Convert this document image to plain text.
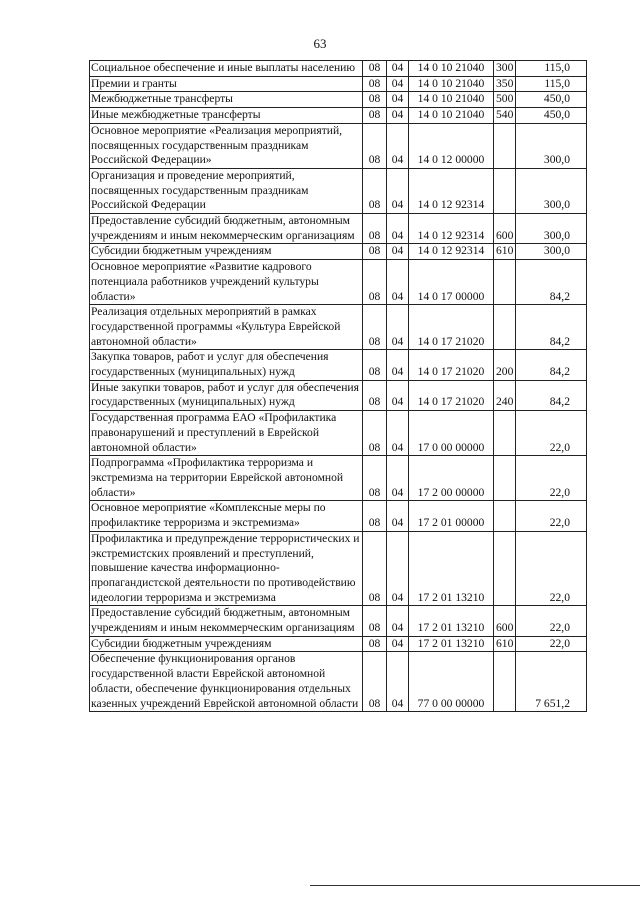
63
Социальное обеспечение и иные выплаты населению	08	04	14 0 10 21040	300	115,0
Премии и гранты	08	04	14 0 10 21040	350	115,0
Межбюджетные трансферты	08	04	14 0 10 21040	500	450,0
Иные межбюджетные трансферты	08	04	14 0 10 21040	540	450,0
Основное мероприятие «Реализация мероприятий, посвященных государственным праздникам Российской Федерации»	08	04	14 0 12 00000		300,0
Организация и проведение мероприятий, посвященных государственным праздникам Российской Федерации	08	04	14 0 12 92314		300,0
Предоставление субсидий бюджетным, автономным учреждениям и иным некоммерческим организациям	08	04	14 0 12 92314	600	300,0
Субсидии бюджетным учреждениям	08	04	14 0 12 92314	610	300,0
Основное мероприятие «Развитие кадрового потенциала работников учреждений культуры области»	08	04	14 0 17 00000		84,2
Реализация отдельных мероприятий в рамках государственной программы «Культура Еврейской автономной области»	08	04	14 0 17 21020		84,2
Закупка товаров, работ и услуг для обеспечения государственных (муниципальных) нужд	08	04	14 0 17 21020	200	84,2
Иные закупки товаров, работ и услуг для обеспечения государственных (муниципальных) нужд	08	04	14 0 17 21020	240	84,2
Государственная программа ЕАО «Профилактика правонарушений и преступлений в Еврейской автономной области»	08	04	17 0 00 00000		22,0
Подпрограмма «Профилактика терроризма и экстремизма на территории Еврейской автономной области»	08	04	17 2 00 00000		22,0
Основное мероприятие «Комплексные меры по профилактике терроризма и экстремизма»	08	04	17 2 01 00000		22,0
Профилактика и предупреждение террористических и экстремистских проявлений и преступлений, повышение качества информационно-пропагандистской деятельности по противодействию идеологии терроризма и экстремизма	08	04	17 2 01 13210		22,0
Предоставление субсидий бюджетным, автономным учреждениям и иным некоммерческим организациям	08	04	17 2 01 13210	600	22,0
Субсидии бюджетным учреждениям	08	04	17 2 01 13210	610	22,0
Обеспечение функционирования органов государственной власти Еврейской автономной области, обеспечение функционирования отдельных казенных учреждений Еврейской автономной области	08	04	77 0 00 00000		7 651,2
